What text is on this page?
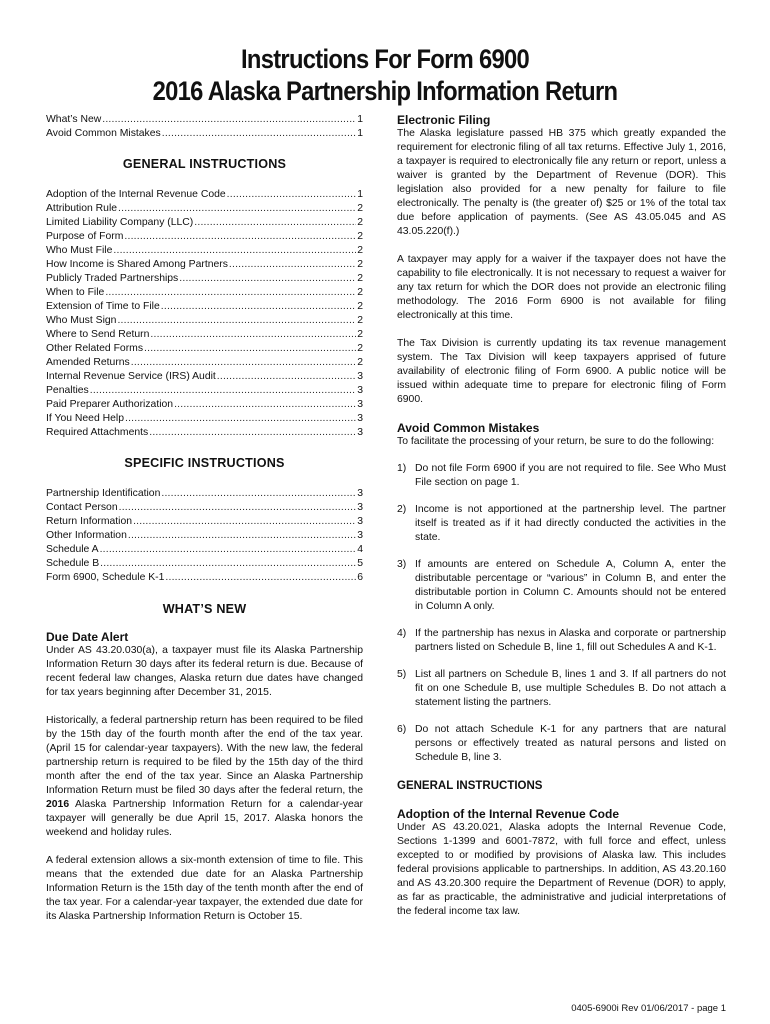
Instructions For Form 6900
2016 Alaska Partnership Information Return
What’s New .....	1
Avoid Common Mistakes .....	1
GENERAL INSTRUCTIONS
Adoption of the Internal Revenue Code .....	1
Attribution Rule .....	2
Limited Liability Company (LLC) .....	2
Purpose of Form .....	2
Who Must File .....	2
How Income is Shared Among Partners .....	2
Publicly Traded Partnerships .....	2
When to File .....	2
Extension of Time to File .....	2
Who Must Sign .....	2
Where to Send Return .....	2
Other Related Forms .....	2
Amended Returns .....	2
Internal Revenue Service (IRS) Audit .....	3
Penalties .....	3
Paid Preparer Authorization .....	3
If You Need Help .....	3
Required Attachments .....	3
SPECIFIC INSTRUCTIONS
Partnership Identification .....	3
Contact Person .....	3
Return Information .....	3
Other Information .....	3
Schedule A .....	4
Schedule B .....	5
Form 6900, Schedule K-1 .....	6
WHAT’S NEW
Due Date Alert

Under AS 43.20.030(a), a taxpayer must file its Alaska Partnership Information Return 30 days after its federal return is due. Because of recent federal law changes, Alaska return due dates have changed for tax years beginning after December 31, 2015.

Historically, a federal partnership return has been required to be filed by the 15th day of the fourth month after the end of the tax year. (April 15 for calendar-year taxpayers). With the new law, the federal partnership return is required to be filed by the 15th day of the third month after the end of the tax year. Since an Alaska Partnership Information Return must be filed 30 days after the federal return, the 2016 Alaska Partnership Information Return for a calendar-year taxpayer will generally be due April 15, 2017. Alaska honors the weekend and holiday rules.

A federal extension allows a six-month extension of time to file. This means that the extended due date for an Alaska Partnership Information Return is the 15th day of the tenth month after the end of the tax year. For a calendar-year taxpayer, the extended due date for its Alaska Partnership Information Return is October 15.

Electronic Filing

The Alaska legislature passed HB 375 which greatly expanded the requirement for electronic filing of all tax returns. Effective July 1, 2016, a taxpayer is required to electronically file any return or report, unless a waiver is granted by the Department of Revenue (DOR). This legislation also provided for a new penalty for failure to file electronically. The penalty is (the greater of) $25 or 1% of the total tax due before application of payments. (See AS 43.05.045 and AS 43.05.220(f).)

A taxpayer may apply for a waiver if the taxpayer does not have the capability to file electronically. It is not necessary to request a waiver for any tax return for which the DOR does not provide an electronic filing methodology. The 2016 Form 6900 is not available for filing electronically at this time.

The Tax Division is currently updating its tax revenue management system. The Tax Division will keep taxpayers apprised of future availability of electronic filing of Form 6900. A public notice will be issued within adequate time to prepare for electronic filing of Form 6900.

Avoid Common Mistakes

To facilitate the processing of your return, be sure to do the following:

1) Do not file Form 6900 if you are not required to file. See Who Must File section on page 1.
2) Income is not apportioned at the partnership level. The partner itself is treated as if it had directly conducted the activities in the state.
3) If amounts are entered on Schedule A, Column A, enter the distributable percentage or “various” in Column B, and enter the distributable portion in Column C. Amounts should not be entered in Column A only.
4) If the partnership has nexus in Alaska and corporate or partnership partners listed on Schedule B, line 1, fill out Schedules A and K-1.
5) List all partners on Schedule B, lines 1 and 3. If all partners do not fit on one Schedule B, use multiple Schedules B. Do not attach a statement listing the partners.
6) Do not attach Schedule K-1 for any partners that are natural persons or effectively treated as natural persons and listed on Schedule B, line 3.
GENERAL INSTRUCTIONS
Adoption of the Internal Revenue Code

Under AS 43.20.021, Alaska adopts the Internal Revenue Code, Sections 1-1399 and 6001-7872, with full force and effect, unless excepted to or modified by provisions of Alaska law. This includes federal provisions applicable to partnerships. In addition, AS 43.20.160 and AS 43.20.300 require the Department of Revenue (DOR) to apply, as far as practicable, the administrative and judicial interpretations of the federal income tax law.

0405-6900i Rev 01/06/2017 - page 1
